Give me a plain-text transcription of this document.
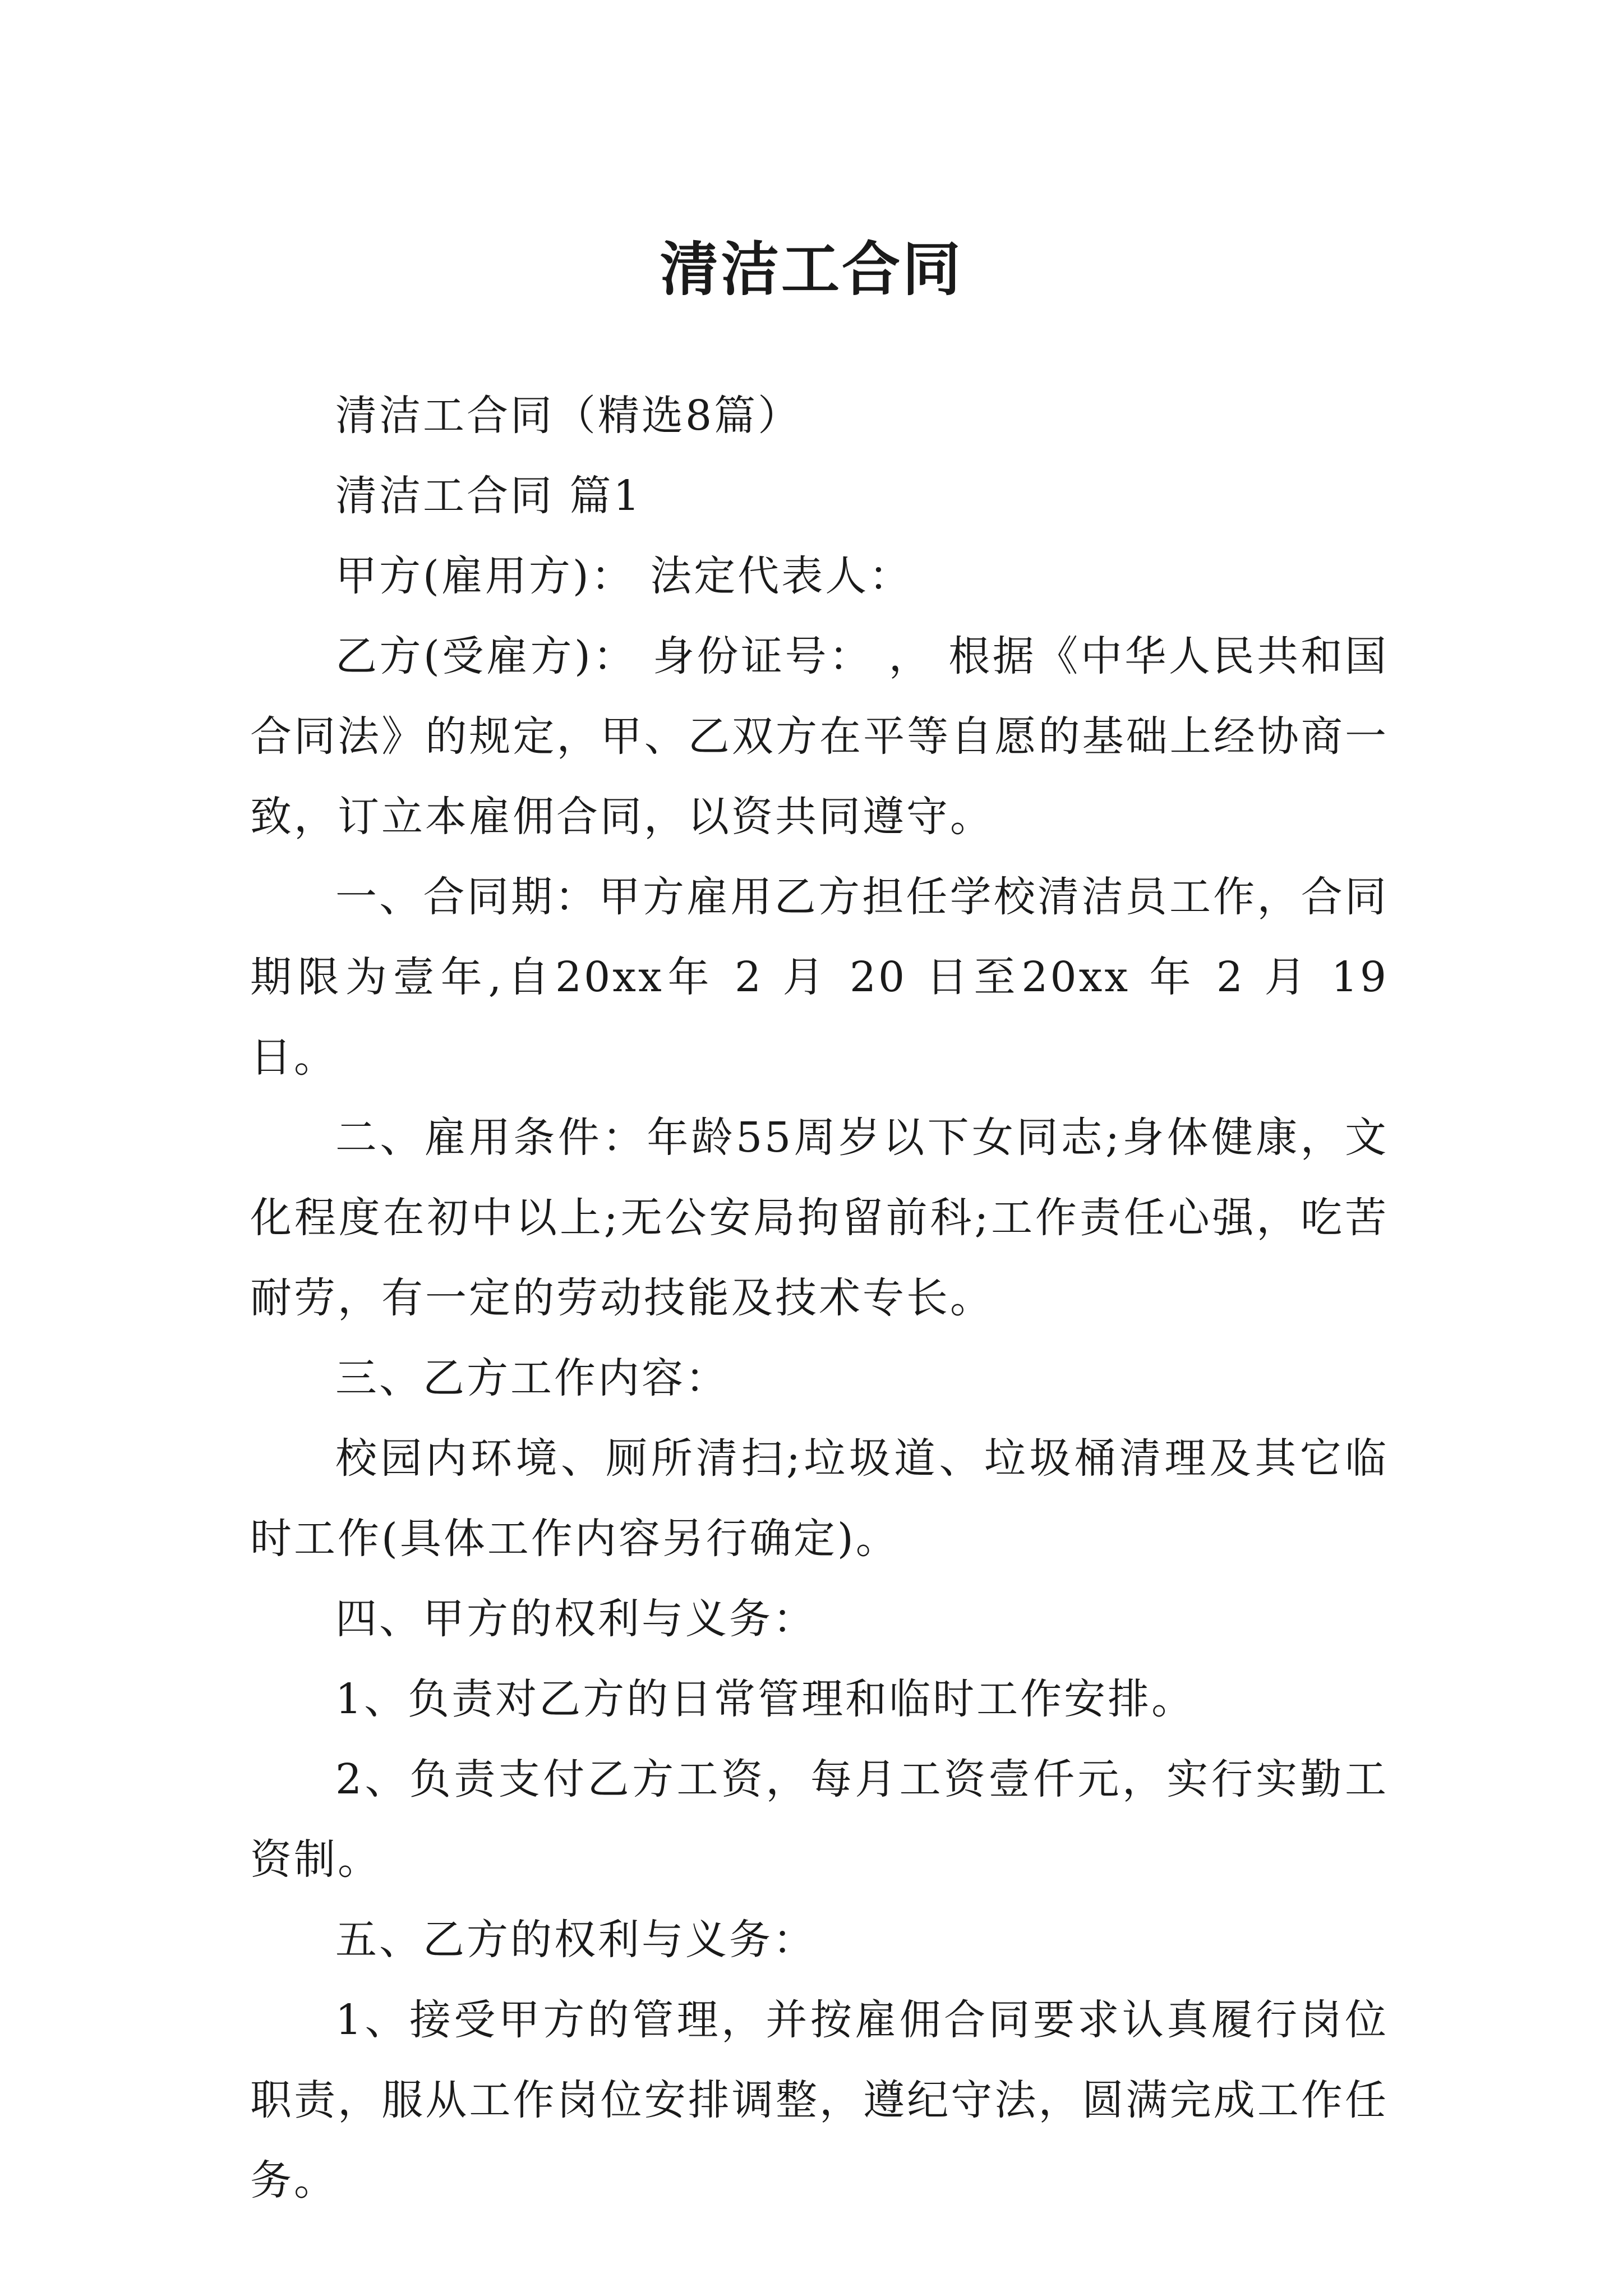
清洁工合同

清洁工合同（精选8篇）

清洁工合同 篇1

甲方(雇用方)： 法定代表人：

乙方(受雇方)： 身份证号： ， 根据《中华人民共和国合同法》的规定，甲、乙双方在平等自愿的基础上经协商一致，订立本雇佣合同，以资共同遵守。

一、合同期：甲方雇用乙方担任学校清洁员工作，合同期限为壹年,自20xx年 2 月 20 日至20xx 年 2 月 19日。

二、雇用条件：年龄55周岁以下女同志;身体健康，文化程度在初中以上;无公安局拘留前科;工作责任心强，吃苦耐劳，有一定的劳动技能及技术专长。

三、乙方工作内容：

校园内环境、厕所清扫;垃圾道、垃圾桶清理及其它临时工作(具体工作内容另行确定)。

四、甲方的权利与义务：

1、负责对乙方的日常管理和临时工作安排。

2、负责支付乙方工资，每月工资壹仟元，实行实勤工资制。

五、乙方的权利与义务：

1、接受甲方的管理，并按雇佣合同要求认真履行岗位职责，服从工作岗位安排调整，遵纪守法，圆满完成工作任务。
